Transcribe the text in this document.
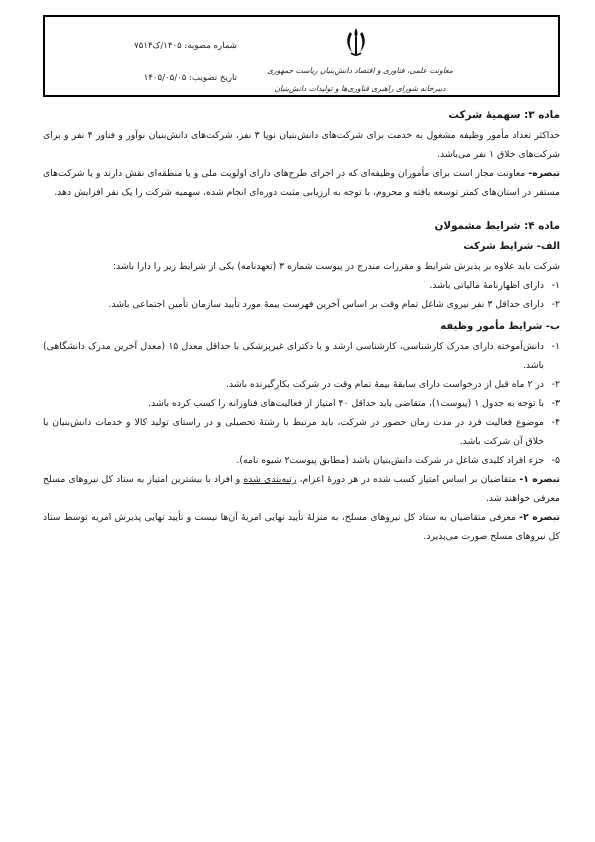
شماره مصوبه: ۱۴۰۵/ک۷۵۱۴
تاریخ تصویب: ۱۴۰۵/۰۵/۰۵
معاونت علمی، فناوری و اقتصاد دانش‌بنیان ریاست جمهوری
دبیرخانه شورای راهبری فناوری‌ها و تولیدات دانش‌بنیان

ماده ۳: سهمیهٔ شرکت

حداکثر تعداد مأمور وظیفه مشغول به خدمت برای شرکت‌های دانش‌بنیان نوپا ۳ نفر، شرکت‌های دانش‌بنیان نوآور و فناور ۴ نفر و برای شرکت‌های خلاق ۱ نفر می‌باشد.

تبصره- معاونت مجاز است برای مأموران وظیفه‌ای که در اجرای طرح‌های دارای اولویت ملی و یا منطقه‌ای نقش دارند و یا شرکت‌های مستقر در استان‌های کمتر توسعه یافته و محروم، با توجه به ارزیابی مثبت دوره‌ای انجام شده، سهمیه شرکت را یک نفر افزایش دهد.

ماده ۴: شرایط مشمولان

الف- شرایط شرکت

شرکت باید علاوه بر پذیرش شرایط و مقررات مندرج در پیوست شماره ۳ (تعهدنامه) یکی از شرایط زیر را دارا باشد:

۱-
دارای اظهارنامهٔ مالیاتی باشد.
۲-
دارای حداقل ۳ نفر نیروی شاغل تمام وقت بر اساس آخرین فهرست بیمهٔ مورد تأیید سازمان تأمین اجتماعی باشد.

ب- شرایط مأمور وظیفه

۱-
دانش‌آموخته دارای مدرک کارشناسی، کارشناسی ارشد و یا دکترای غیرپزشکی با حداقل معدل ۱۵ (معدل آخرین مدرک دانشگاهی) باشد.
۲-
در ۲ ماه قبل از درخواست دارای سابقهٔ بیمهٔ تمام وقت در شرکت بکارگیرنده باشد.
۳-
با توجه به جدول ۱ (پیوست۱)، متقاضی باید حداقل ۴۰ امتیاز از فعالیت‌های فناورانه را کسب کرده باشد.
۴-
موضوع فعالیت فرد در مدت زمان حضور در شرکت، باید مرتبط با رشتهٔ تحصیلی و در راستای تولید کالا و خدمات دانش‌بنیان یا خلاق آن شرکت باشد.
۵-
جزء افراد کلیدی شاغل در شرکت دانش‌بنیان باشد (مطابق پیوست۲ شیوه نامه).

تبصره ۱- متقاضیان بر اساس امتیاز کسب شده در هر دورهٔ اعزام، رتبه‌بندی شده و افراد با بیشترین امتیاز به ستاد کل نیروهای مسلح معرفی خواهند شد.

تبصره ۲- معرفی متقاضیان به ستاد کل نیروهای مسلح، به منزلهٔ تأیید نهایی امریهٔ آن‌ها نیست و تأیید نهایی پذیرش امریه توسط ستاد کل نیروهای مسلح صورت می‌پذیرد.
